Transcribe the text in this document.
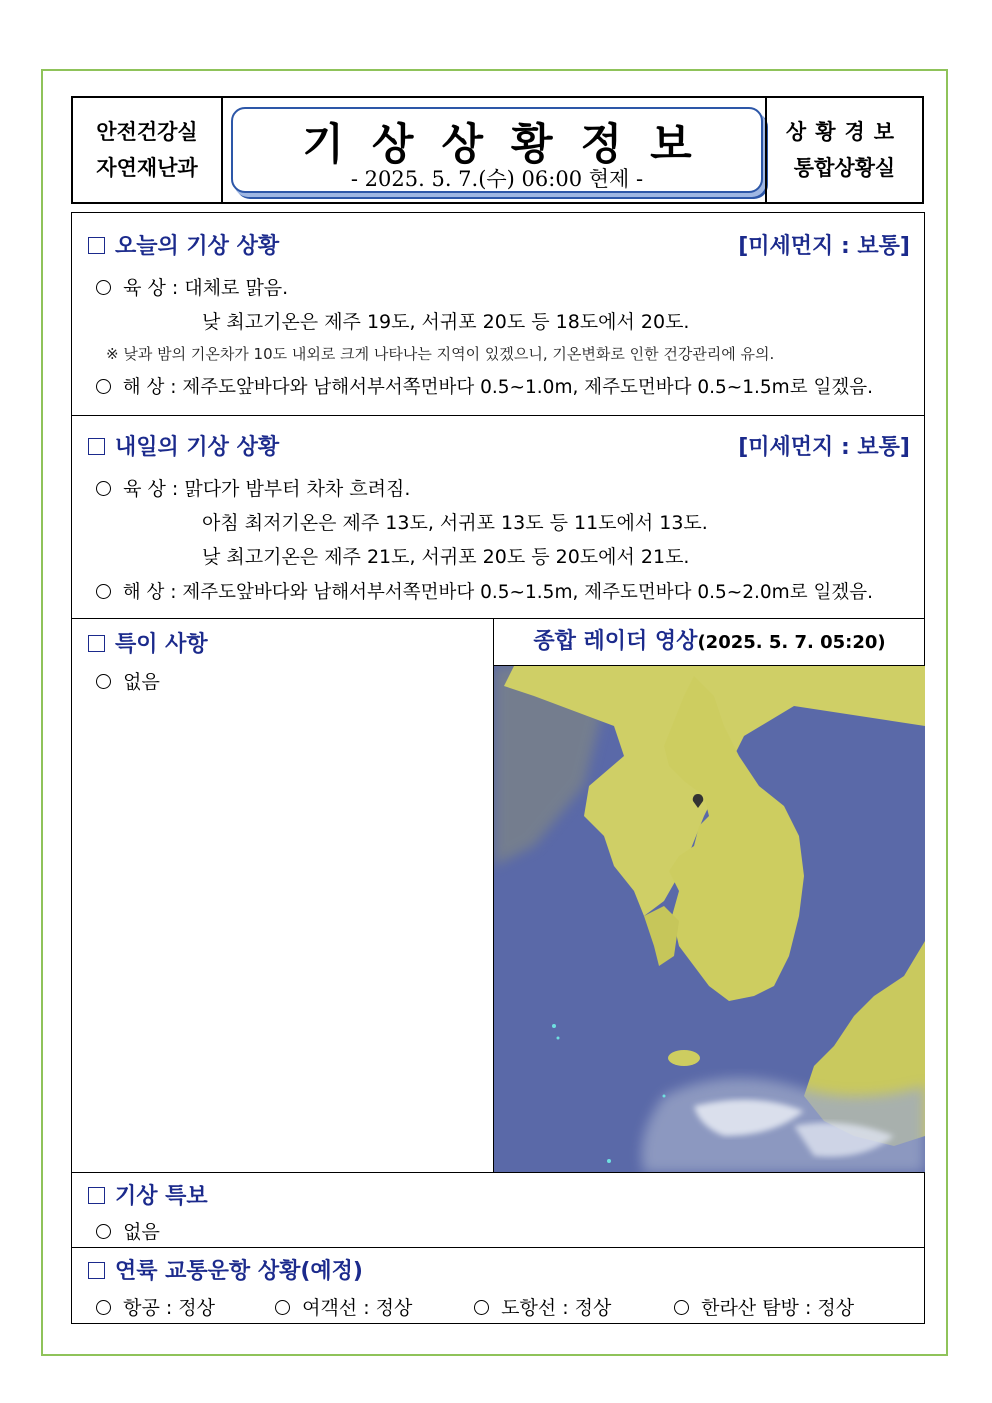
안전건강실
자연재난과	기상상황정보
- 2025. 5. 7.(수) 06:00 현제 -
상황경보
통합상황실
오늘의 기상 상황	[미세먼지 : 보통]
육 상 : 대체로 맑음.
낮 최고기온은 제주 19도, 서귀포 20도 등 18도에서 20도.
※ 낮과 밤의 기온차가 10도 내외로 크게 나타나는 지역이 있겠으니, 기온변화로 인한 건강관리에 유의.
해 상 : 제주도앞바다와 남해서부서쪽먼바다 0.5~1.0m, 제주도먼바다 0.5~1.5m로 일겠음.
내일의 기상 상황	[미세먼지 : 보통]
육 상 : 맑다가 밤부터 차차 흐려짐.
아침 최저기온은 제주 13도, 서귀포 13도 등 11도에서 13도.
낮 최고기온은 제주 21도, 서귀포 20도 등 20도에서 21도.
해 상 : 제주도앞바다와 남해서부서쪽먼바다 0.5~1.5m, 제주도먼바다 0.5~2.0m로 일겠음.
특이 사항
없음
종합 레이더 영상(2025. 5. 7. 05:20)
기상 특보
없음
연륙 교통운항 상황(예정)
항공 : 정상	여객선 : 정상	도항선 : 정상	한라산 탐방 : 정상
